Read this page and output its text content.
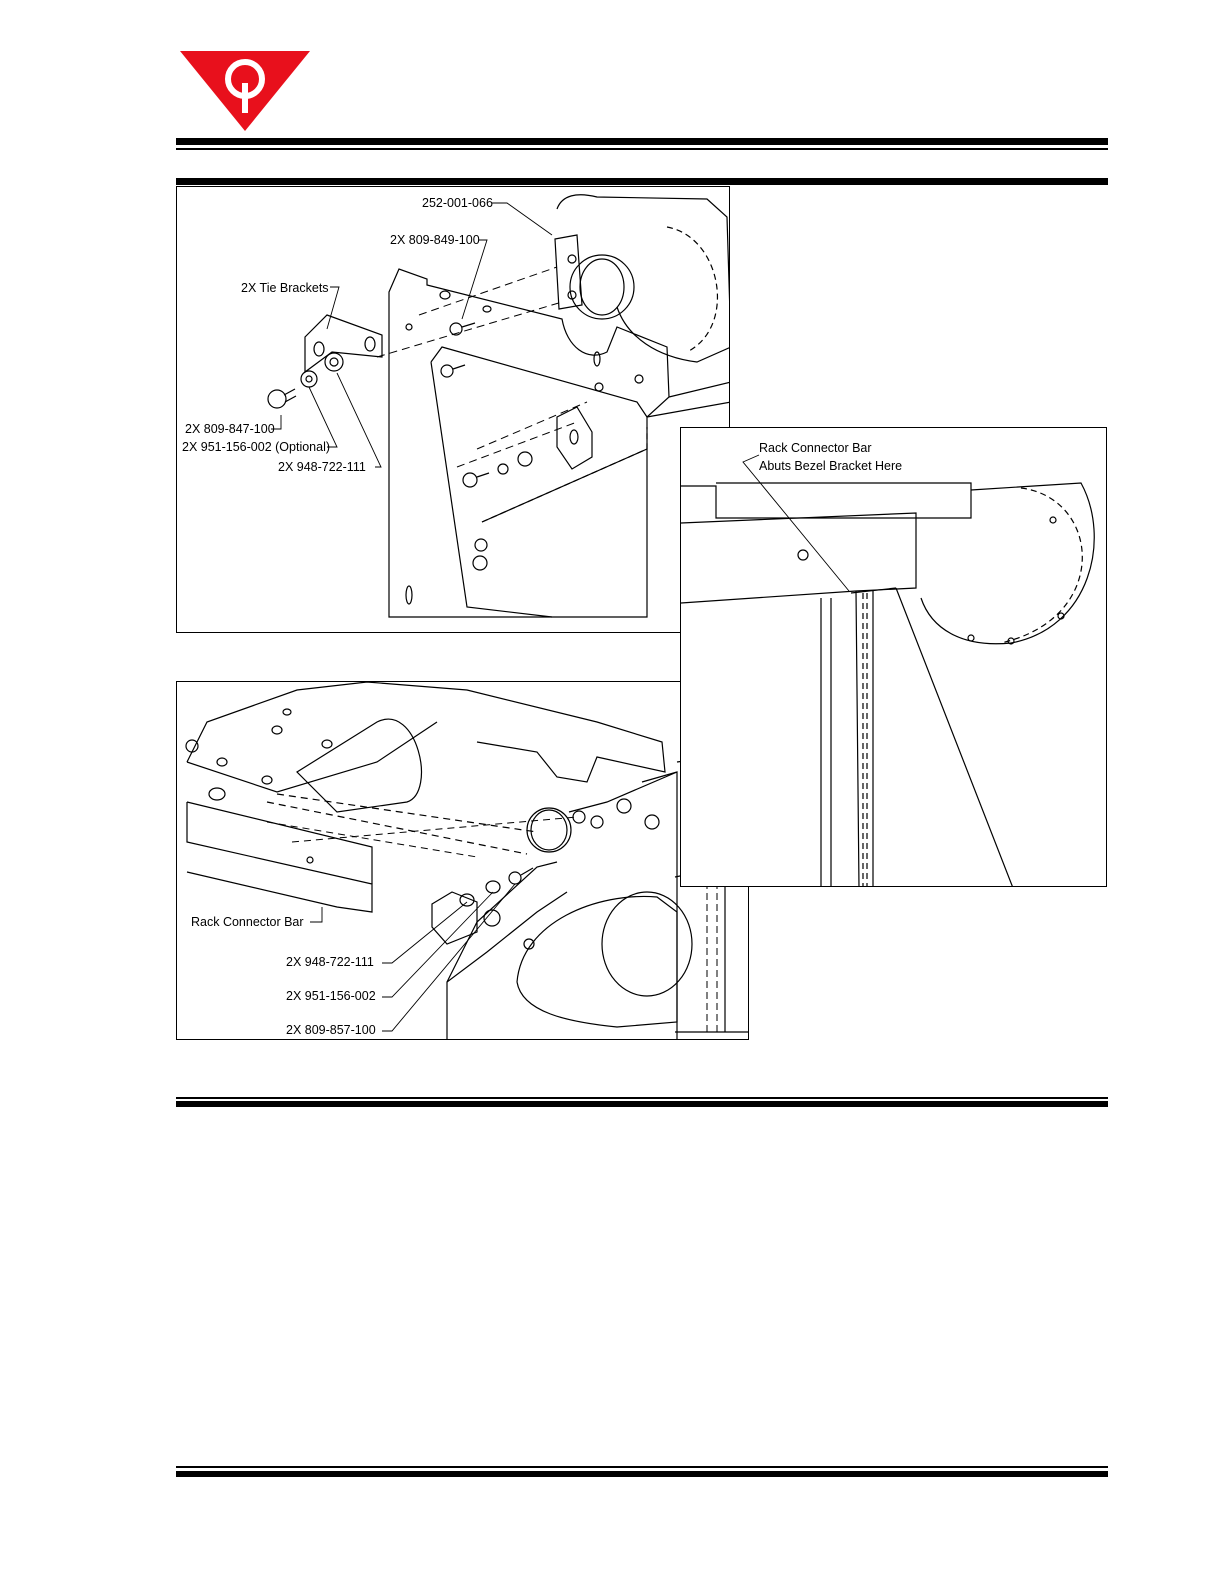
252-001-066
2X 809-849-100
2X Tie Brackets
2X 809-847-100
2X 951-156-002 (Optional)
2X 948-722-111
Rack Connector Bar
2X 948-722-111
2X 951-156-002
2X 809-857-100
Rack Connector Bar
Abuts Bezel Bracket Here
